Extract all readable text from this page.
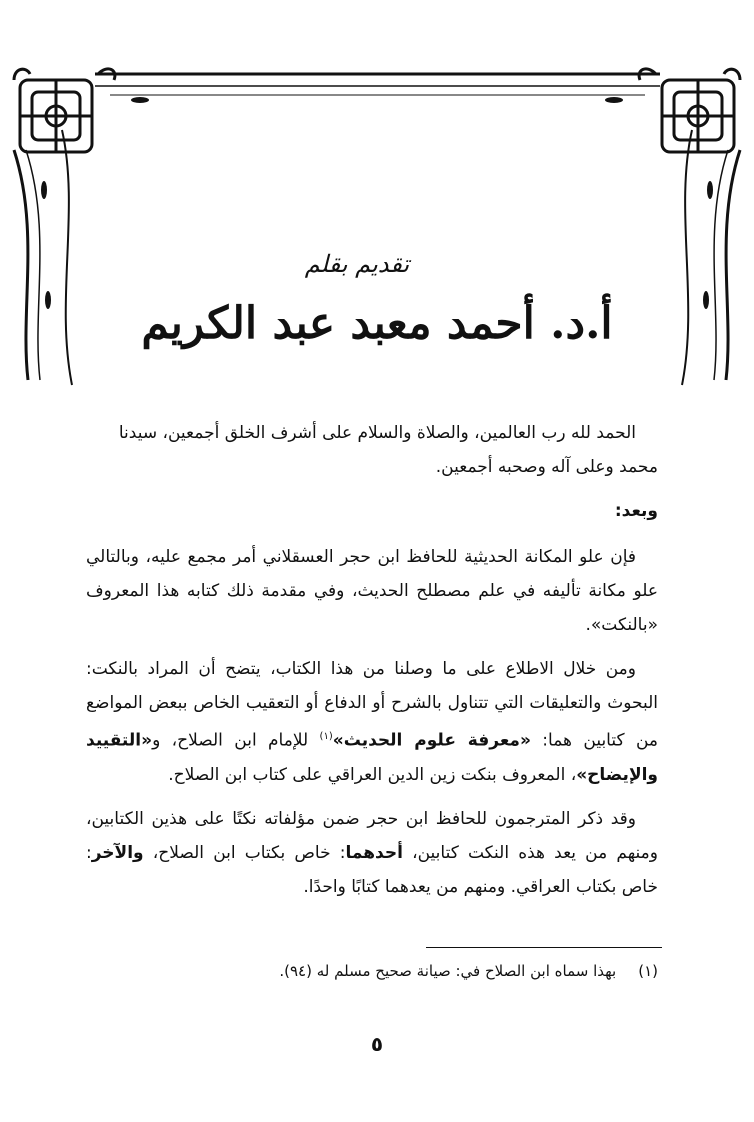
تقديم بقلم
أ.د. أحمد معبد عبد الكريم

الحمد لله رب العالمين، والصلاة والسلام على أشرف الخلق أجمعين، سيدنا
محمد وعلى آله وصحبه أجمعين.

وبعد:

فإن علو المكانة الحديثية للحافظ ابن حجر العسقلاني أمر مجمع عليه، وبالتالي علو مكانة تأليفه في علم مصطلح الحديث، وفي مقدمة ذلك كتابه هذا المعروف «بالنكت».

ومن خلال الاطلاع على ما وصلنا من هذا الكتاب، يتضح أن المراد بالنكت: البحوث والتعليقات التي تتناول بالشرح أو الدفاع أو التعقيب الخاص ببعض المواضع من كتابين هما: «معرفة علوم الحديث»$^{(١)}$ للإمام ابن الصلاح، و«التقييد والإيضاح»، المعروف بنكت زين الدين العراقي على كتاب ابن الصلاح.

وقد ذكر المترجمون للحافظ ابن حجر ضمن مؤلفاته نكتًا على هذين الكتابين، ومنهم من يعد هذه النكت كتابين، أحدهما: خاص بكتاب ابن الصلاح، والآخر: خاص بكتاب العراقي. ومنهم من يعدهما كتابًا واحدًا.

(١)بهذا سماه ابن الصلاح في: صيانة صحيح مسلم له (٩٤).
٥
